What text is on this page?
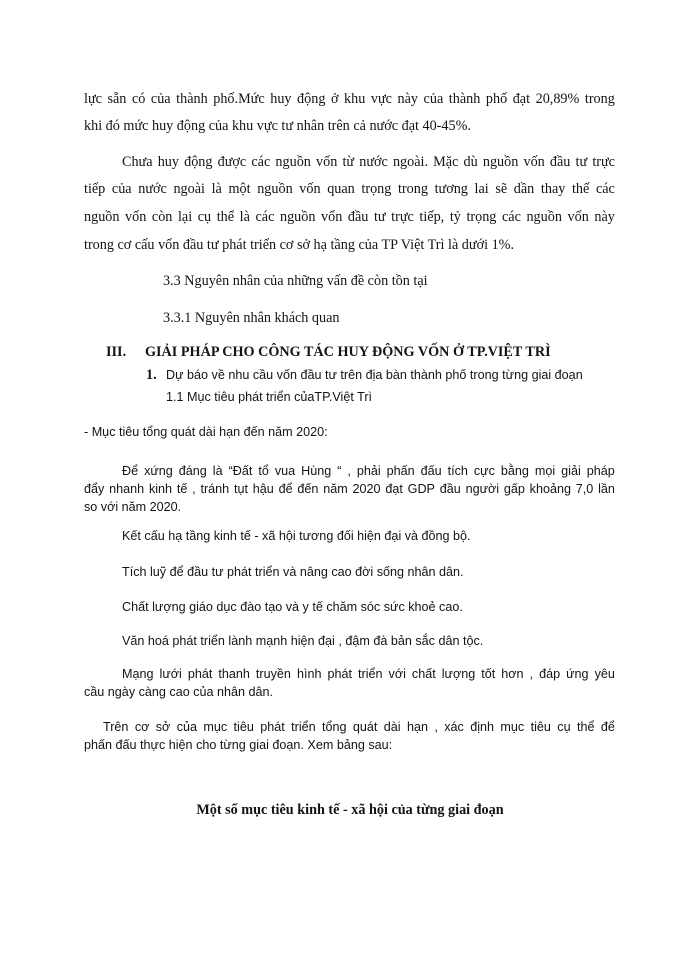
lực sẵn có của thành phố.Mức huy động ở khu vực này của thành phố đạt 20,89% trong
khi đó mức huy động của khu vực tư nhân trên cả nước đạt 40-45%.
Chưa huy động được các nguồn vốn từ nước ngoài. Mặc dù nguồn vốn đầu tư trực
tiếp của nước ngoài là một nguồn vốn quan trọng trong tương lai sẽ dần thay thế các
nguồn vốn còn lại cụ thể là các nguồn vốn đầu tư trực tiếp, tỷ trọng các nguồn vốn này
trong cơ cấu vốn đầu tư phát triển cơ sở hạ tầng của TP Việt Trì là dưới 1%.
3.3 Nguyên nhân của những vấn đề còn tồn tại
3.3.1 Nguyên nhân khách quan
III. GIẢI PHÁP CHO CÔNG TÁC HUY ĐỘNG VỐN Ở TP.VIỆT TRÌ
1. Dự báo về nhu cầu vốn đầu tư trên địa bàn thành phố trong từng giai đoạn
1.1 Mục tiêu phát triển củaTP.Việt Trì
- Mục tiêu tổng quát dài hạn đến năm 2020:
Để xứng đáng là “Đất tổ vua Hùng “ , phải phấn đấu tích cực bằng mọi giải pháp
đẩy nhanh kinh tế , tránh tụt hậu để đến năm 2020 đạt GDP đầu người gấp khoảng 7,0 lần
so với năm 2020.
Kết cấu hạ tầng kinh tế - xã hội tương đối hiện đại và đồng bộ.
Tích luỹ để đầu tư phát triển và nâng cao đời sống nhân dân.
Chất lượng giáo dục đào tạo và y tế chăm sóc sức khoẻ cao.
Văn hoá phát triển lành mạnh hiện đại , đậm đà bản sắc dân tộc.
Mạng lưới phát thanh truyền hình phát triển với chất lượng tốt hơn , đáp ứng yêu
cầu ngày càng cao của nhân dân.
Trên cơ sở của mục tiêu phát triển tổng quát dài hạn , xác định mục tiêu cụ thể để
phấn đấu thực hiện cho từng giai đoạn. Xem bảng sau:
Một số mục tiêu kinh tế - xã hội của từng giai đoạn
